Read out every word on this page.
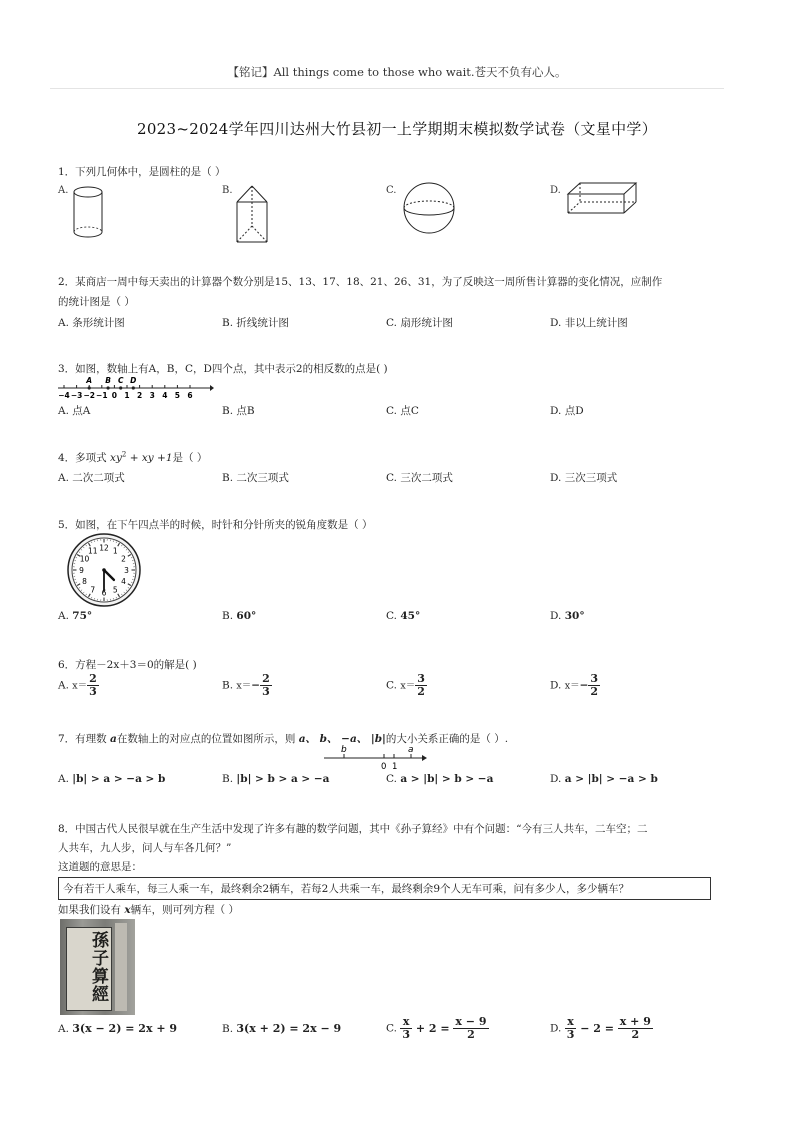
【铭记】All things come to those who wait.苍天不负有心人。
2023~2024学年四川达州大竹县初一上学期期末模拟数学试卷（文星中学）
1．下列几何体中，是圆柱的是（ ）
A.	B.	C.	D.
2．某商店一周中每天卖出的计算器个数分别是15、13、17、18、21、26、31，为了反映这一周所售计算器的变化情况，应制作
的统计图是（ ）
A. 条形统计图	B. 折线统计图	C. 扇形统计图	D. 非以上统计图
3．如图，数轴上有A，B，C，D四个点，其中表示2的相反数的点是( )
−4 −3 −2 −1 0 1 2 3 4 5 6
A B C D
A. 点A	B. 点B	C. 点C	D. 点D
4．多项式 $xy^2$ + xy +1是（ ）
A. 二次二项式	B. 二次三项式	C. 三次二项式	D. 三次三项式
5．如图，在下午四点半的时候，时针和分针所夹的锐角度数是（ ）
12 1
2
3
4
5
6
7
8
9
10
11
A. 75°	B. 60°	C. 45°	D. 30°
6．方程－2x＋3＝0的解是( )
A. $x= \frac{2}{3}$	B. $x=- \frac{2}{3}$	C. $x= \frac{3}{2}$	D. $x=- \frac{3}{2}$
7．有理数 a在数轴上的对应点的位置如图所示，则 a、 b、 −a、 |b|的大小关系正确的是（ ）.
b	a
0 1
A. |b| > a > −a > b	B. |b| > b > a > −a	C. a > |b| > b > −a	D. a > |b| > −a > b
8．中国古代人民很早就在生产生活中发现了许多有趣的数学问题，其中《孙子算经》中有个问题：“今有三人共车，二车空；二
人共车，九人步，问人与车各几何？”
这道题的意思是：
今有若干人乘车，每三人乘一车，最终剩余2辆车，若每2人共乘一车，最终剩余9个人无车可乘，问有多少人，多少辆车？
如果我们设有 x辆车，则可列方程（ ）
孫子算經
A. 3(x − 2) = 2x + 9	B. 3(x + 2) = 2x − 9	C. $\frac{x}{3} + 2 = \frac{x - 9}{2}$	D. $\frac{x}{3} - 2 = \frac{x + 9}{2}$
